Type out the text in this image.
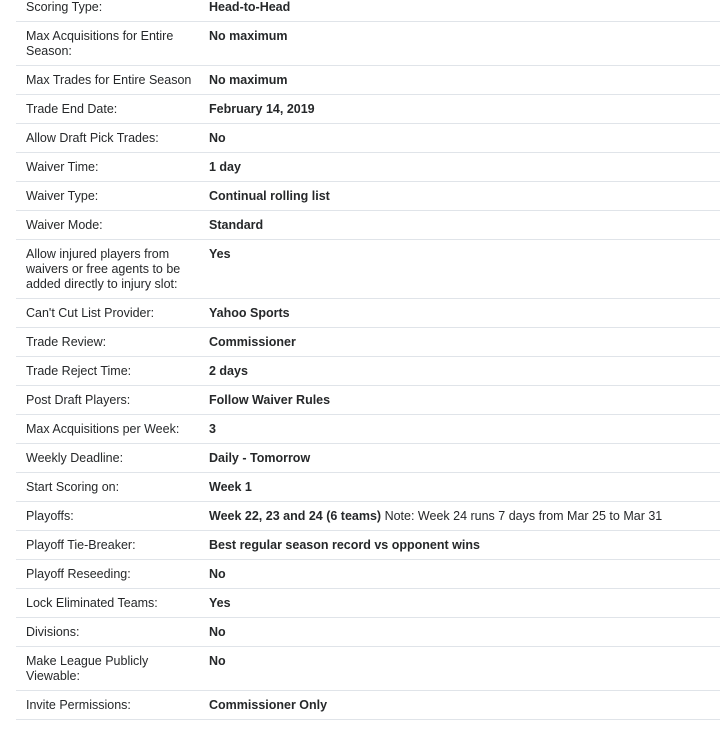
Scoring Type:	Head-to-Head
Max Acquisitions for Entire Season:
No maximum
Max Trades for Entire Season	No maximum
Trade End Date:	February 14, 2019
Allow Draft Pick Trades:	No
Waiver Time:	1 day
Waiver Type:	Continual rolling list
Waiver Mode:	Standard
Allow injured players from waivers or free agents to be added directly to injury slot:
Yes
Can't Cut List Provider:	Yahoo Sports
Trade Review:	Commissioner
Trade Reject Time:	2 days
Post Draft Players:	Follow Waiver Rules
Max Acquisitions per Week:	3
Weekly Deadline:	Daily - Tomorrow
Start Scoring on:	Week 1
Playoffs:	Week 22, 23 and 24 (6 teams) Note: Week 24 runs 7 days from Mar 25 to Mar 31
Playoff Tie-Breaker:	Best regular season record vs opponent wins
Playoff Reseeding:	No
Lock Eliminated Teams:	Yes
Divisions:	No
Make League Publicly Viewable:
No
Invite Permissions:	Commissioner Only
